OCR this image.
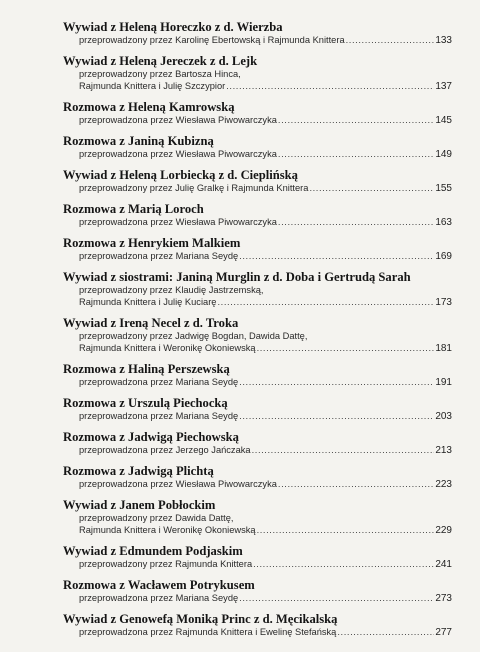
Wywiad z Heleną Horeczko z d. Wierzba
przeprowadzony przez Karolinę Ebertowską i Rajmunda Knittera .....	133
Wywiad z Heleną Jereczek z d. Lejk
przeprowadzony przez Bartosza Hinca,
Rajmunda Knittera i Julię Szczypior .....	137
Rozmowa z Heleną Kamrowską
przeprowadzona przez Wiesława Piwowarczyka .....	145
Rozmowa z Janiną Kubizną
przeprowadzona przez Wiesława Piwowarczyka .....	149
Wywiad z Heleną Lorbiecką z d. Cieplińską
przeprowadzony przez Julię Gralkę i Rajmunda Knittera .....	155
Rozmowa z Marią Loroch
przeprowadzona przez Wiesława Piwowarczyka .....	163
Rozmowa z Henrykiem Malkiem
przeprowadzona przez Mariana Seydę .....	169
Wywiad z siostrami: Janiną Murglin z d. Doba i Gertrudą Sarah
przeprowadzony przez Klaudię Jastrzemską,
Rajmunda Knittera i Julię Kuciarę .....	173
Wywiad z Ireną Necel z d. Troka
przeprowadzony przez Jadwigę Bogdan, Dawida Dattę,
Rajmunda Knittera i Weronikę Okoniewską .....	181
Rozmowa z Haliną Perszewską
przeprowadzona przez Mariana Seydę .....	191
Rozmowa z Urszulą Piechocką
przeprowadzona przez Mariana Seydę .....	203
Rozmowa z Jadwigą Piechowską
przeprowadzona przez Jerzego Jańczaka .....	213
Rozmowa z Jadwigą Plichtą
przeprowadzona przez Wiesława Piwowarczyka .....	223
Wywiad z Janem Pobłockim
przeprowadzony przez Dawida Dattę,
Rajmunda Knittera i Weronikę Okoniewską .....	229
Wywiad z Edmundem Podjaskim
przeprowadzony przez Rajmunda Knittera .....	241
Rozmowa z Wacławem Potrykusem
przeprowadzona przez Mariana Seydę .....	273
Wywiad z Genowefą Moniką Princ z d. Męcikalską
przeprowadzona przez Rajmunda Knittera i Ewelinę Stefańską .....	277
